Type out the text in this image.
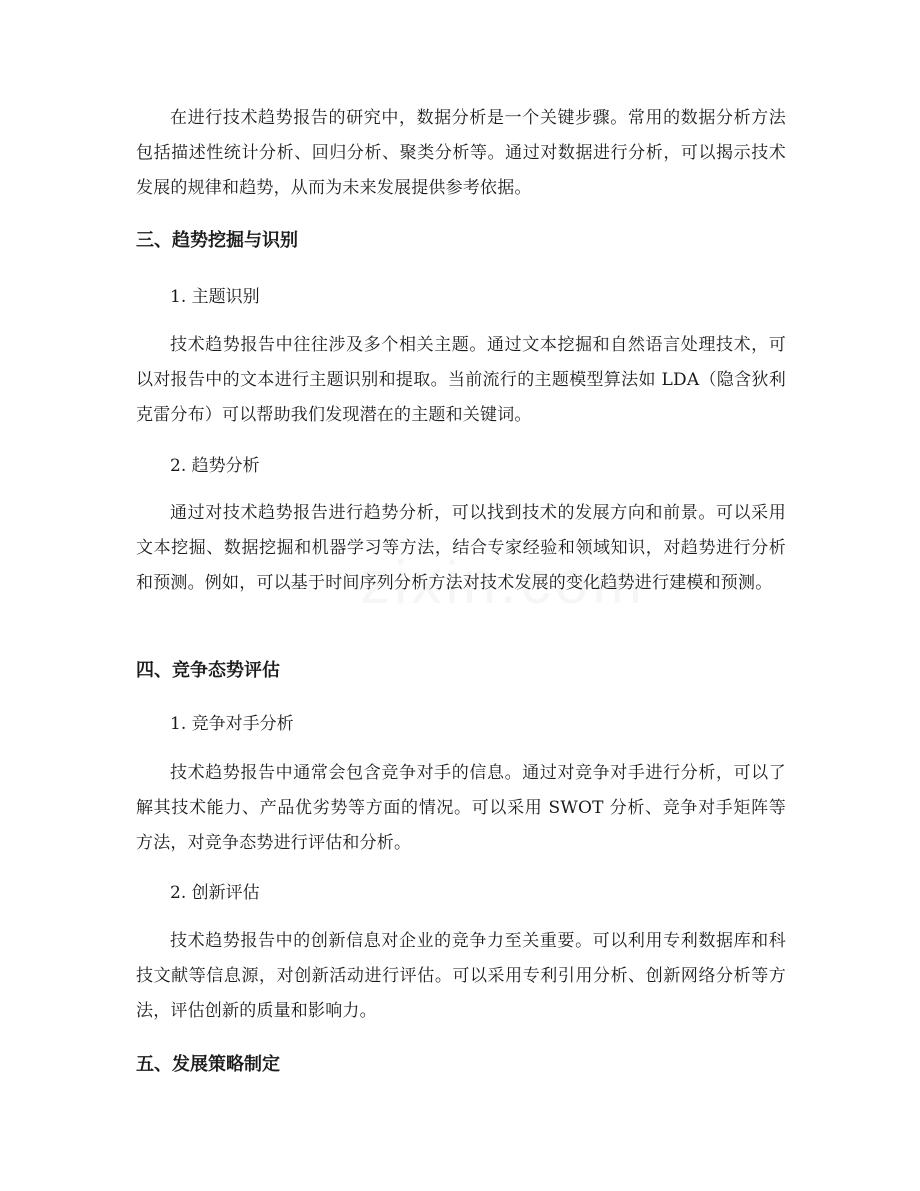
在进行技术趋势报告的研究中，数据分析是一个关键步骤。常用的数据分析方法包括描述性统计分析、回归分析、聚类分析等。通过对数据进行分析，可以揭示技术发展的规律和趋势，从而为未来发展提供参考依据。

三、趋势挖掘与识别
1. 主题识别

技术趋势报告中往往涉及多个相关主题。通过文本挖掘和自然语言处理技术，可以对报告中的文本进行主题识别和提取。当前流行的主题模型算法如 LDA（隐含狄利克雷分布）可以帮助我们发现潜在的主题和关键词。

2. 趋势分析

通过对技术趋势报告进行趋势分析，可以找到技术的发展方向和前景。可以采用文本挖掘、数据挖掘和机器学习等方法，结合专家经验和领域知识，对趋势进行分析和预测。例如，可以基于时间序列分析方法对技术发展的变化趋势进行建模和预测。

四、竞争态势评估
1. 竞争对手分析

技术趋势报告中通常会包含竞争对手的信息。通过对竞争对手进行分析，可以了解其技术能力、产品优劣势等方面的情况。可以采用 SWOT 分析、竞争对手矩阵等方法，对竞争态势进行评估和分析。

2. 创新评估

技术趋势报告中的创新信息对企业的竞争力至关重要。可以利用专利数据库和科技文献等信息源，对创新活动进行评估。可以采用专利引用分析、创新网络分析等方法，评估创新的质量和影响力。

五、发展策略制定
